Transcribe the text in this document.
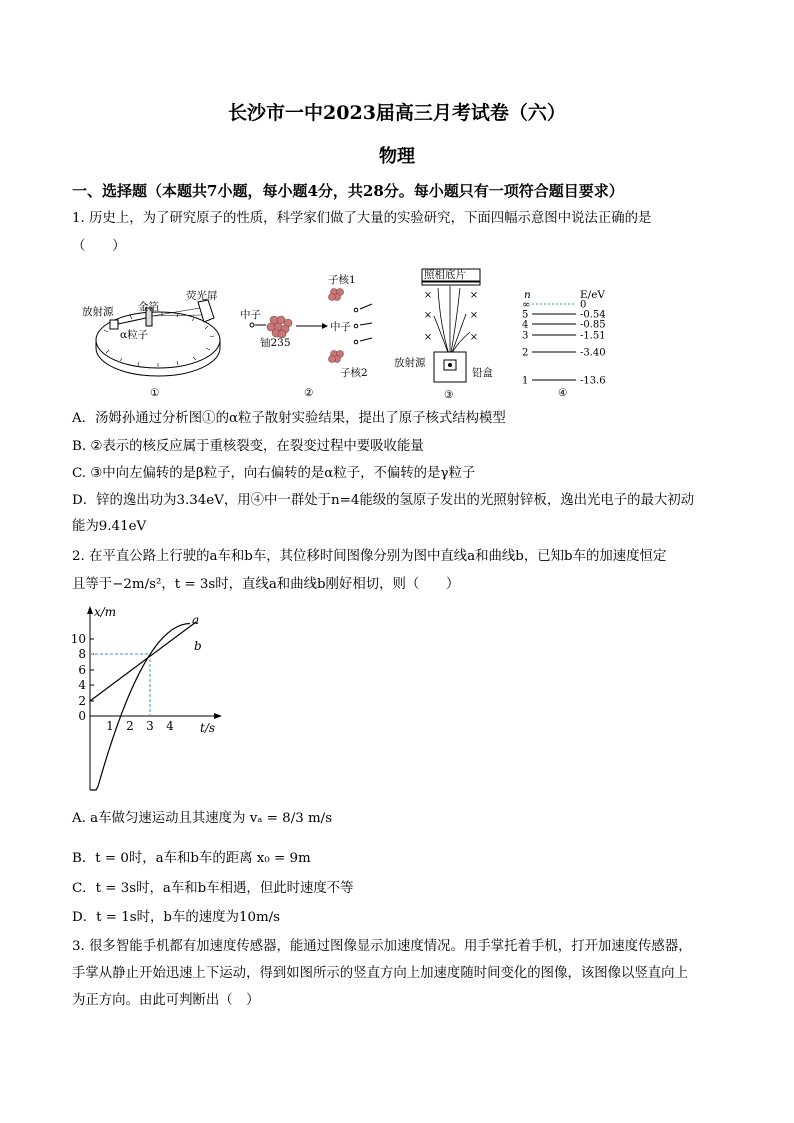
长沙市一中2023届高三月考试卷（六）
物理
一、选择题（本题共7小题，每小题4分，共28分。每小题只有一项符合题目要求）
1. 历史上，为了研究原子的性质，科学家们做了大量的实验研究，下面四幅示意图中说法正确的是
（　　）
放射源 金箔
荧光屏
α粒子
①
中子
铀235
子核1
中子
子核2
②
照相底片
×	×
×	×
×	×
放射源
铅盒
③
n	E/eV
∞	0
5	-0.54
4	-0.85
3	-1.51
2	-3.40
1	-13.6
④
A．汤姆孙通过分析图①的α粒子散射实验结果，提出了原子核式结构模型
B. ②表示的核反应属于重核裂变，在裂变过程中要吸收能量
C. ③中向左偏转的是β粒子，向右偏转的是α粒子，不偏转的是γ粒子
D．锌的逸出功为3.34eV，用④中一群处于n=4能级的氢原子发出的光照射锌板，逸出光电子的最大初动
能为9.41eV
2. 在平直公路上行驶的a车和b车，其位移时间图像分别为图中直线a和曲线b，已知b车的加速度恒定
且等于−2m/s²，t = 3s时，直线a和曲线b刚好相切，则（　　）
x/m
t/s
10
8
6
4
2
0
1 2 3 4
a
b
A. a车做匀速运动且其速度为 vₐ = 8/3 m/s
B．t = 0时，a车和b车的距离 x₀ = 9m
C．t = 3s时，a车和b车相遇，但此时速度不等
D．t = 1s时，b车的速度为10m/s
3. 很多智能手机都有加速度传感器，能通过图像显示加速度情况。用手掌托着手机，打开加速度传感器，
手掌从静止开始迅速上下运动，得到如图所示的竖直方向上加速度随时间变化的图像，该图像以竖直向上
为正方向。由此可判断出（　）
